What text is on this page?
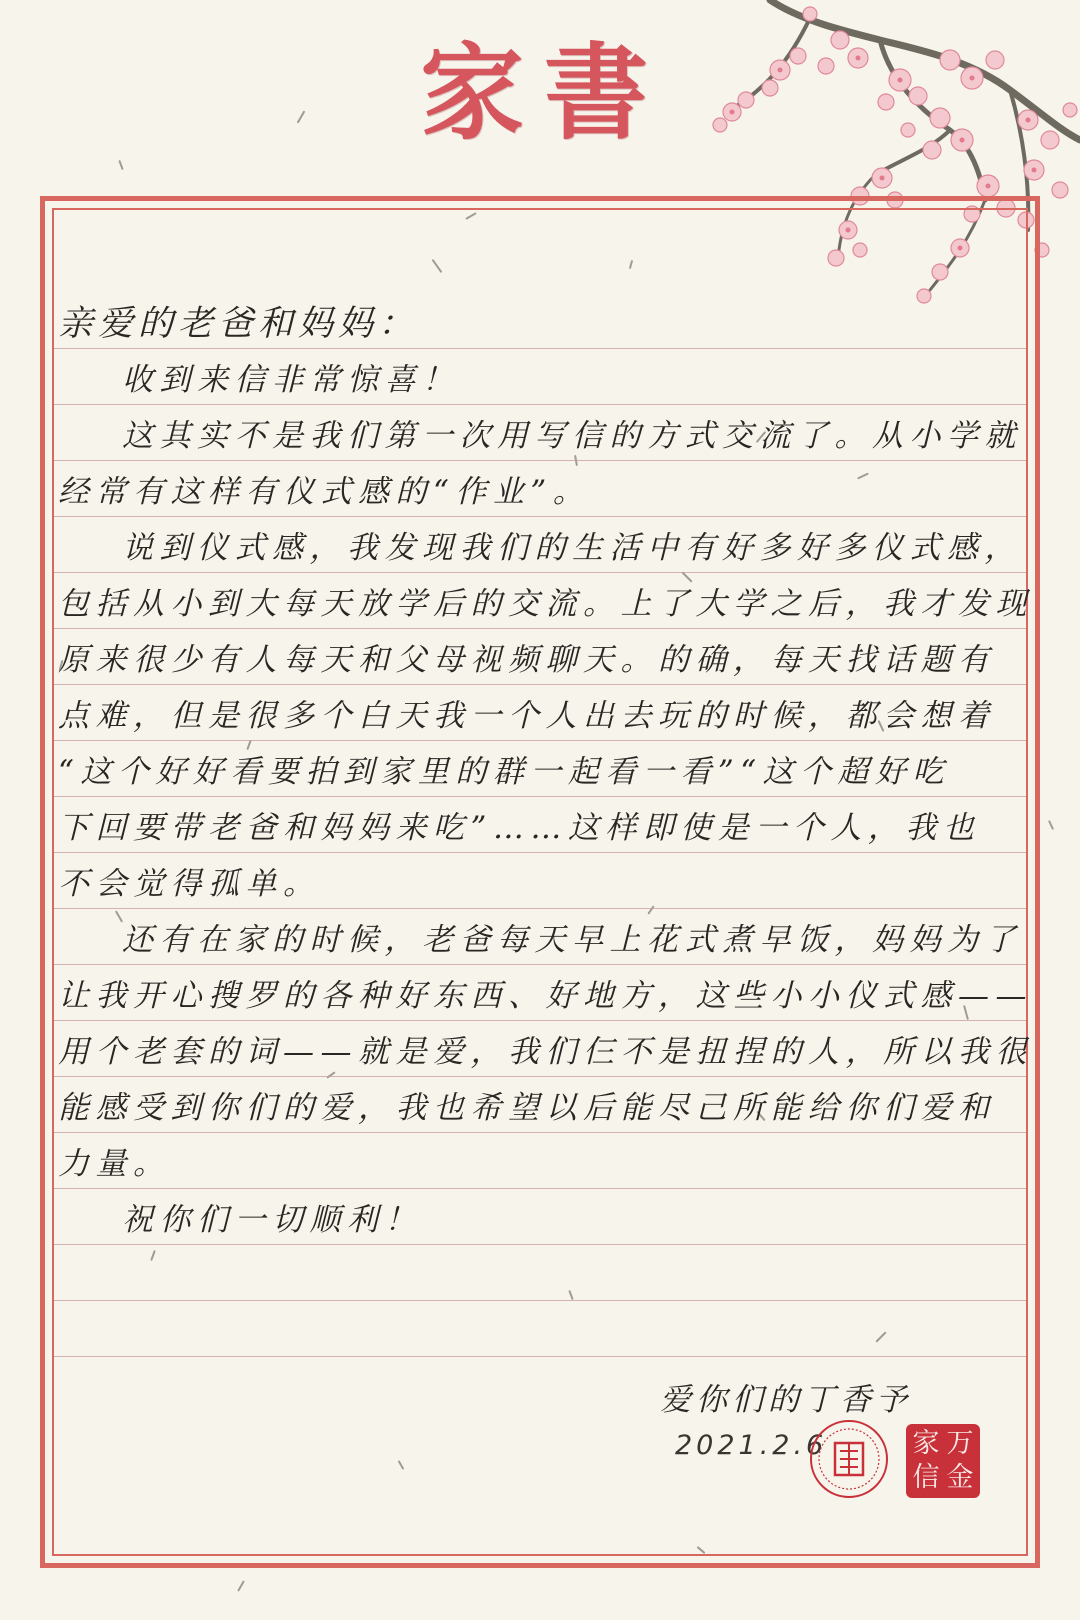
家書
亲爱的老爸和妈妈：
收到来信非常惊喜！
这其实不是我们第一次用写信的方式交流了。从小学就
经常有这样有仪式感的“作业”。
说到仪式感，我发现我们的生活中有好多好多仪式感，
包括从小到大每天放学后的交流。上了大学之后，我才发现
原来很少有人每天和父母视频聊天。的确，每天找话题有
点难，但是很多个白天我一个人出去玩的时候，都会想着
“这个好好看要拍到家里的群一起看一看”“这个超好吃
下回要带老爸和妈妈来吃”……这样即使是一个人，我也
不会觉得孤单。
还有在家的时候，老爸每天早上花式煮早饭，妈妈为了
让我开心搜罗的各种好东西、好地方，这些小小仪式感——
用个老套的词——就是爱，我们仨不是扭捏的人，所以我很
能感受到你们的爱，我也希望以后能尽己所能给你们爱和
力量。
祝你们一切顺利！
爱你们的丁香予
2021.2.6	万
家
金
信
